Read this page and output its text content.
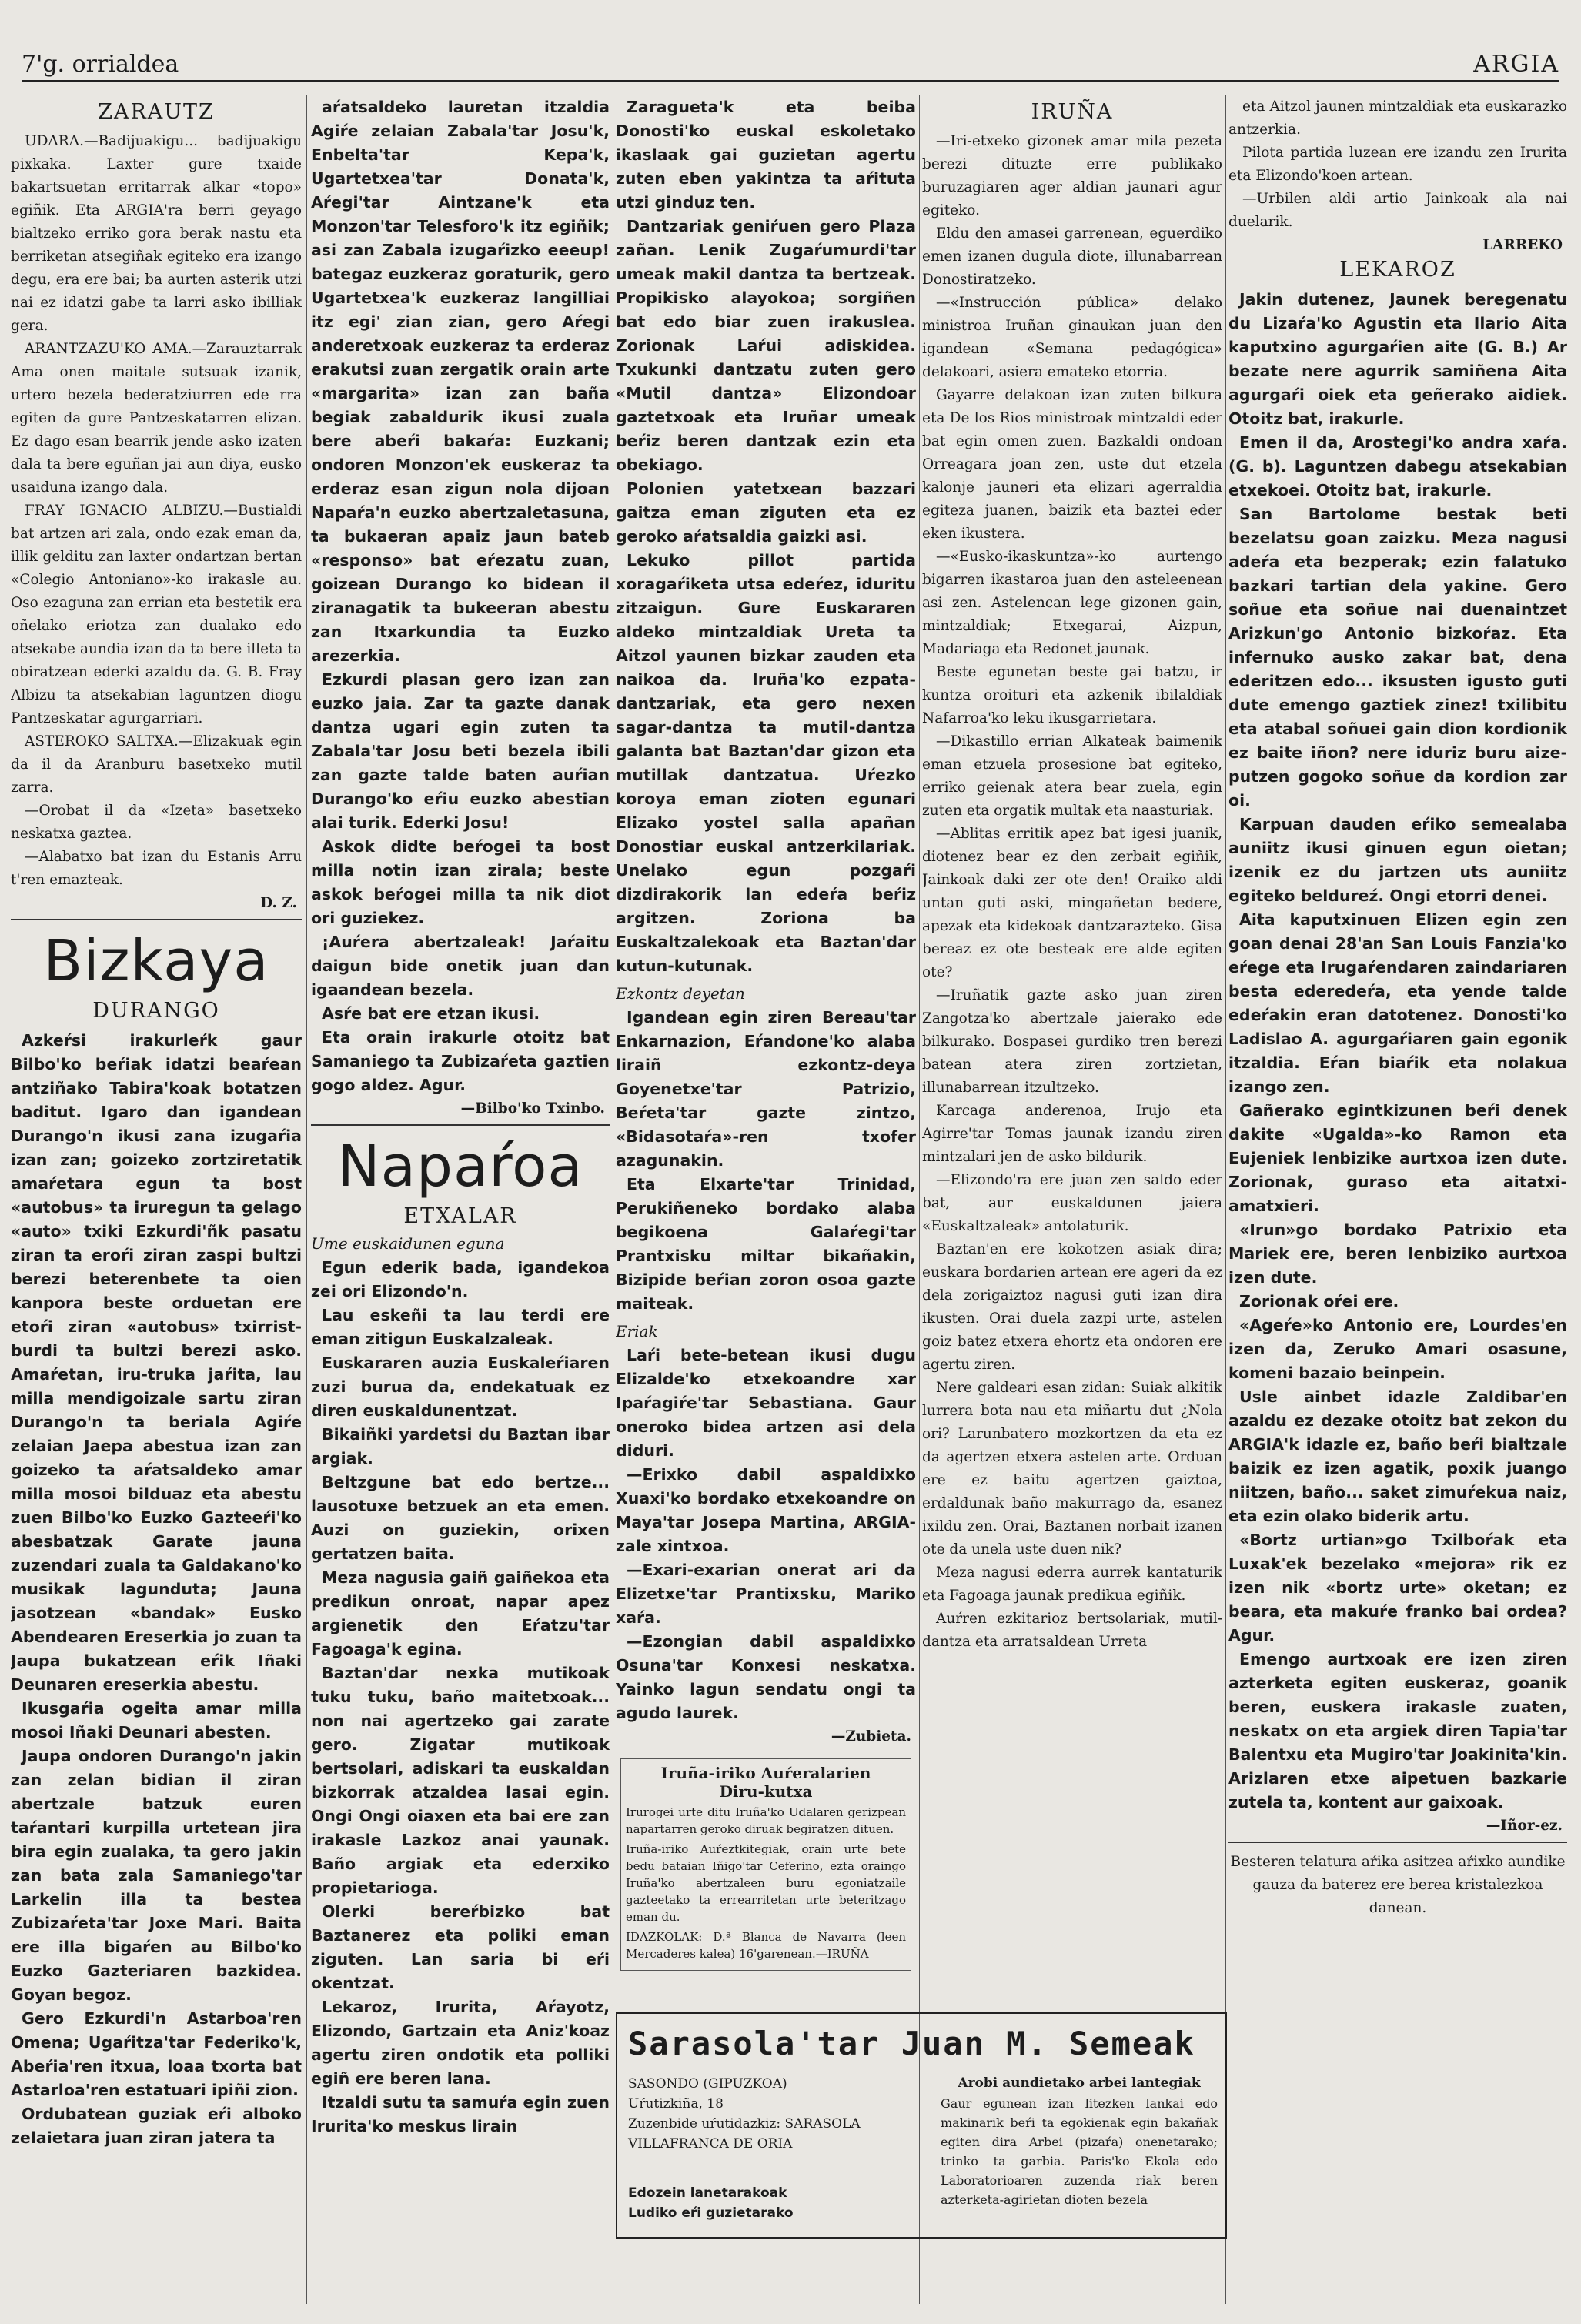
7'g. orrialdea	ARGIA
ZARAUTZ

UDARA.—Badijuakigu... badijuakigu pixkaka. Laxter gure txaide bakartsuetan erritarrak alkar «topo» egiñik. Eta ARGIA'ra berri geyago bialtzeko erriko gora berak nastu eta berriketan atsegiñak egiteko era izango degu, era ere bai; ba aurten asterik utzi nai ez idatzi gabe ta larri asko ibilliak gera.

ARANTZAZU'KO AMA.—Zarauztarrak Ama onen maitale sutsuak izanik, urtero bezela bederatziurren ede rra egiten da gure Pantzeskatarren elizan. Ez dago esan bearrik jende asko izaten dala ta bere eguñan jai aun diya, eusko usaiduna izango dala.

FRAY IGNACIO ALBIZU.—Bustialdi bat artzen ari zala, ondo ezak eman da, illik gelditu zan laxter ondartzan bertan «Colegio Antoniano»-ko irakasle au. Oso ezaguna zan errian eta bestetik era oñelako eriotza zan dualako edo atsekabe aundia izan da ta bere illeta ta obiratzean ederki azaldu da. G. B. Fray Albizu ta atsekabian laguntzen diogu Pantzeskatar agurgarriari.

ASTEROKO SALTXA.—Elizakuak egin da il da Aranburu basetxeko mutil zarra.

—Orobat il da «Izeta» basetxeko neskatxa gaztea.

—Alabatxo bat izan du Estanis Arru t'ren emazteak.

D. Z.

Bizkaya
DURANGO

Azkeŕsi irakurleŕk gaur Bilbo'ko beŕiak idatzi beaŕean antziñako Tabira'koak botatzen baditut. Igaro dan igandean Durango'n ikusi zana izugaŕia izan zan; goizeko zortziretatik amaŕetara egun ta bost «autobus» ta iruregun ta gelago «auto» txiki Ezkurdi'ñk pasatu ziran ta eroŕi ziran zaspi bultzi berezi beterenbete ta oien kanpora beste orduetan ere etoŕi ziran «autobus» txirrist-burdi ta bultzi berezi asko. Amaŕetan, iru-truka jaŕita, lau milla mendigoizale sartu ziran Durango'n ta beriala Agiŕe zelaian Jaepa abestua izan zan goizeko ta aŕatsaldeko amar milla mosoi bilduaz eta abestu zuen Bilbo'ko Euzko Gazteeŕi'ko abesbatzak Garate jauna zuzendari zuala ta Galdakano'ko musikak lagunduta; Jauna jasotzean «bandak» Eusko Abendearen Ereserkia jo zuan ta Jaupa bukatzean eŕik Iñaki Deunaren ereserkia abestu.

Ikusgaŕia ogeita amar milla mosoi Iñaki Deunari abesten.

Jaupa ondoren Durango'n jakin zan zelan bidian il ziran abertzale batzuk euren taŕantari kurpilla urtetean jira bira egin zualaka, ta gero jakin zan bata zala Samaniego'tar Larkelin illa ta bestea Zubizaŕeta'tar Joxe Mari. Baita ere illa bigaŕen au Bilbo'ko Euzko Gazteriaren bazkidea. Goyan begoz.

Gero Ezkurdi'n Astarboa'ren Omena; Ugaŕitza'tar Federiko'k, Abeŕia'ren itxua, loaa txorta bat Astarloa'ren estatuari ipiñi zion.

Ordubatean guziak eŕi alboko zelaietara juan ziran jatera ta

aŕatsaldeko lauretan itzaldia Agiŕe zelaian Zabala'tar Josu'k, Enbelta'tar Kepa'k, Ugartetxea'tar Donata'k, Aŕegi'tar Aintzane'k eta Monzon'tar Telesforo'k itz egiñik; asi zan Zabala izugaŕizko eeeup! bategaz euzkeraz goraturik, gero Ugartetxea'k euzkeraz langilliai itz egi' zian zian, gero Aŕegi anderetxoak euzkeraz ta erderaz erakutsi zuan zergatik orain arte «margarita» izan zan baña begiak zabaldurik ikusi zuala bere abeŕi bakaŕa: Euzkani; ondoren Monzon'ek euskeraz ta erderaz esan zigun nola dijoan Napaŕa'n euzko abertzaletasuna, ta bukaeran apaiz jaun bateb «responso» bat eŕezatu zuan, goizean Durango ko bidean il ziranagatik ta bukeeran abestu zan Itxarkundia ta Euzko arezerkia.

Ezkurdi plasan gero izan zan euzko jaia. Zar ta gazte danak dantza ugari egin zuten ta Zabala'tar Josu beti bezela ibili zan gazte talde baten auŕian Durango'ko eŕiu euzko abestian alai turik. Ederki Josu!

Askok didte beŕogei ta bost milla notin izan zirala; beste askok beŕogei milla ta nik diot ori guziekez.

¡Auŕera abertzaleak! Jaŕaitu daigun bide onetik juan dan igaandean bezela.

Asŕe bat ere etzan ikusi.

Eta orain irakurle otoitz bat Samaniego ta Zubizaŕeta gaztien gogo aldez. Agur.

—Bilbo'ko Txinbo.

Napaŕoa
ETXALAR

Ume euskaidunen eguna

Egun ederik bada, igandekoa zei ori Elizondo'n.

Lau eskeñi ta lau terdi ere eman zitigun Euskalzaleak.

Euskararen auzia Euskaleŕiaren zuzi burua da, endekatuak ez diren euskaldunentzat.

Bikaiñki yardetsi du Baztan ibar argiak.

Beltzgune bat edo bertze... lausotuxe betzuek an eta emen. Auzi on guziekin, orixen gertatzen baita.

Meza nagusia gaiñ gaiñekoa eta predikun onroat, napar apez argienetik den Eŕatzu'tar Fagoaga'k egina.

Baztan'dar nexka mutikoak tuku tuku, baño maitetxoak... non nai agertzeko gai zarate gero. Zigatar mutikoak bertsolari, adiskari ta euskaldan bizkorrak atzaldea lasai egin. Ongi Ongi oiaxen eta bai ere zan irakasle Lazkoz anai yaunak. Baño argiak eta ederxiko propietarioga.

Olerki bereŕbizko bat Baztanerez eta poliki eman ziguten. Lan saria bi eŕi okentzat.

Lekaroz, Irurita, Aŕayotz, Elizondo, Gartzain eta Aniz'koaz agertu ziren ondotik eta polliki egiñ ere beren lana.

Itzaldi sutu ta samuŕa egin zuen Irurita'ko meskus lirain

Zaragueta'k eta beiba Donosti'ko euskal eskoletako ikaslaak gai guzietan agertu zuten eben yakintza ta aŕituta utzi ginduz ten.

Dantzariak geniŕuen gero Plaza zañan. Lenik Zugaŕumurdi'tar umeak makil dantza ta bertzeak. Propikisko alayokoa; sorgiñen bat edo biar zuen irakuslea. Zorionak Laŕui adiskidea. Txukunki dantzatu zuten gero «Mutil dantza» Elizondoar gaztetxoak eta Iruñar umeak beŕiz beren dantzak ezin eta obekiago.

Polonien yatetxean bazzari gaitza eman ziguten eta ez geroko aŕatsaldia gaizki asi.

Lekuko pillot partida xoragaŕiketa utsa edeŕez, iduritu zitzaigun. Gure Euskararen aldeko mintzaldiak Ureta ta Aitzol yaunen bizkar zauden eta naikoa da. Iruña'ko ezpata-dantzariak, eta gero nexen sagar-dantza ta mutil-dantza galanta bat Baztan'dar gizon eta mutillak dantzatua. Uŕezko koroya eman zioten egunari Elizako yostel salla apañan Donostiar euskal antzerkilariak. Unelako egun pozgaŕi dizdirakorik lan edeŕa beŕiz argitzen. Zoriona ba Euskaltzalekoak eta Baztan'dar kutun-kutunak.

Ezkontz deyetan

Igandean egin ziren Bereau'tar Enkarnazion, Eŕandone'ko alaba liraiñ ezkontz-deya Goyenetxe'tar Patrizio, Beŕeta'tar gazte zintzo, «Bidasotaŕa»-ren txofer azagunakin.

Eta Elxarte'tar Trinidad, Perukiñeneko bordako alaba begikoena Galaŕegi'tar Prantxisku miltar bikañakin, Bizipide beŕian zoron osoa gazte maiteak.

Eriak

Laŕi bete-betean ikusi dugu Elizalde'ko etxekoandre xar Ipaŕagiŕe'tar Sebastiana. Gaur oneroko bidea artzen asi dela diduri.

—Erixko dabil aspaldixko Xuaxi'ko bordako etxekoandre on Maya'tar Josepa Martina, ARGIA-zale xintxoa.

—Exari-exarian onerat ari da Elizetxe'tar Prantixsku, Mariko xaŕa.

—Ezongian dabil aspaldixko Osuna'tar Konxesi neskatxa. Yainko lagun sendatu ongi ta agudo laurek.

—Zubieta.

Iruña-iriko Auŕeralarien
Diru-kutxa

Irurogei urte ditu Iruña'ko Udalaren gerizpean napartarren geroko diruak begiratzen dituen.

Iruña-iriko Auŕeztkitegiak, orain urte bete bedu bataian Iñigo'tar Ceferino, ezta oraingo Iruña'ko abertzaleen buru egoniatzaile gazteetako ta errearritetan urte beteritzago eman du.

IDAZKOLAK: D.ª Blanca de Navarra (leen Mercaderes kalea) 16'garenean.—IRUÑA

IRUÑA

—Iri-etxeko gizonek amar mila pezeta berezi dituzte erre publikako buruzagiaren ager aldian jaunari agur egiteko.

Eldu den amasei garrenean, eguerdiko emen izanen dugula diote, illunabarrean Donostiratzeko.

—«Instrucción pública» delako ministroa Iruñan ginaukan juan den igandean «Semana pedagógica» delakoari, asiera emateko etorria.

Gayarre delakoan izan zuten bilkura eta De los Rios ministroak mintzaldi eder bat egin omen zuen. Bazkaldi ondoan Orreagara joan zen, uste dut etzela kalonje jauneri eta elizari agerraldia egiteza juanen, baizik eta baztei eder eken ikustera.

—«Eusko-ikaskuntza»-ko aurtengo bigarren ikastaroa juan den asteleenean asi zen. Astelencan lege gizonen gain, mintzaldiak; Etxegarai, Aizpun, Madariaga eta Redonet jaunak.

Beste egunetan beste gai batzu, ir kuntza oroituri eta azkenik ibilaldiak Nafarroa'ko leku ikusgarrietara.

—Dikastillo errian Alkateak baimenik eman etzuela prosesione bat egiteko, erriko geienak atera bear zuela, egin zuten eta orgatik multak eta naasturiak.

—Ablitas erritik apez bat igesi juanik, diotenez bear ez den zerbait egiñik, Jainkoak daki zer ote den! Oraiko aldi untan guti aski, mingañetan bedere, apezak eta kidekoak dantzarazteko. Gisa bereaz ez ote besteak ere alde egiten ote?

—Iruñatik gazte asko juan ziren Zangotza'ko abertzale jaierako ede bilkurako. Bospasei gurdiko tren berezi batean atera ziren zortzietan, illunabarrean itzultzeko.

Karcaga anderenoa, Irujo eta Agirre'tar Tomas jaunak izandu ziren mintzalari jen de asko bildurik.

—Elizondo'ra ere juan zen saldo eder bat, aur euskaldunen jaiera «Euskaltzaleak» antolaturik.

Baztan'en ere kokotzen asiak dira; euskara bordarien artean ere ageri da ez dela zorigaiztoz nagusi guti izan dira ikusten. Orai duela zazpi urte, astelen goiz batez etxera ehortz eta ondoren ere agertu ziren.

Nere galdeari esan zidan: Suiak alkitik lurrera bota nau eta miñartu dut ¿Nola ori? Larunbatero mozkortzen da eta ez da agertzen etxera astelen arte. Orduan ere ez baitu agertzen gaiztoa, erdaldunak baño makurrago da, esanez ixildu zen. Orai, Baztanen norbait izanen ote da unela uste duen nik?

Meza nagusi ederra aurrek kantaturik eta Fagoaga jaunak predikua egiñik.

Auŕren ezkitarioz bertsolariak, mutil-dantza eta arratsaldean Urreta

eta Aitzol jaunen mintzaldiak eta euskarazko antzerkia.

Pilota partida luzean ere izandu zen Irurita eta Elizondo'koen artean.

—Urbilen aldi artio Jainkoak ala nai duelarik.

LARREKO

LEKAROZ

Jakin dutenez, Jaunek beregenatu du Lizaŕa'ko Agustin eta Ilario Aita kaputxino agurgaŕien aite (G. B.) Ar bezate nere agurrik samiñena Aita agurgaŕi oiek eta geñerako aidiek. Otoitz bat, irakurle.

Emen il da, Arostegi'ko andra xaŕa. (G. b). Laguntzen dabegu atsekabian etxekoei. Otoitz bat, irakurle.

San Bartolome bestak beti bezelatsu goan zaizku. Meza nagusi adeŕa eta bezperak; ezin falatuko bazkari tartian dela yakine. Gero soñue eta soñue nai duenaintzet Arizkun'go Antonio bizkoŕaz. Eta infernuko ausko zakar bat, dena ederitzen edo... iksusten igusto guti dute emengo gaztiek zinez! txilibitu eta atabal soñuei gain dion kordionik ez baite iñon? nere iduriz buru aize-putzen gogoko soñue da kordion zar oi.

Karpuan dauden eŕiko semealaba auniitz ikusi ginuen egun oietan; izenik ez du jartzen uts auniitz egiteko beldureź. Ongi etorri denei.

Aita kaputxinuen Elizen egin zen goan denai 28'an San Louis Fanzia'ko eŕege eta Irugaŕendaren zaindariaren besta ederedeŕa, eta yende talde edeŕakin eran datotenez. Donosti'ko Ladislao A. agurgaŕiaren gain egonik itzaldia. Eŕan biaŕik eta nolakua izango zen.

Gañerako egintkizunen beŕi denek dakite «Ugalda»-ko Ramon eta Eujeniek lenbizike aurtxoa izen dute. Zorionak, guraso eta aitatxi-amatxieri.

«Irun»go bordako Patrixio eta Mariek ere, beren lenbiziko aurtxoa izen dute.

Zorionak oŕei ere.

«Ageŕe»ko Antonio ere, Lourdes'en izen da, Zeruko Amari osasune, komeni bazaio beinpein.

Usle ainbet idazle Zaldibar'en azaldu ez dezake otoitz bat zekon du ARGIA'k idazle ez, baño beŕi bialtzale baizik ez izen agatik, poxik juango niitzen, baño... saket zimuŕekua naiz, eta ezin olako biderik artu.

«Bortz urtian»go Txilboŕak eta Luxak'ek bezelako «mejora» rik ez izen nik «bortz urte» oketan; ez beara, eta makuŕe franko bai ordea? Agur.

Emengo aurtxoak ere izen ziren azterketa egiten euskeraz, goanik beren, euskera irakasle zuaten, neskatx on eta argiek diren Tapia'tar Balentxu eta Mugiro'tar Joakinita'kin. Arizlaren etxe aipetuen bazkarie zutela ta, kontent aur gaixoak.

—Iñor-ez.

Besteren telatura aŕika asitzea aŕixko aundike gauza da baterez ere berea kristalezkoa danean.

Sarasola'tar Juan M. Semeak
SASONDO (GIPUZKOA)
Uŕutizkiña, 18
Zuzenbide uŕutidazkiz: SARASOLA
VILLAFRANCA DE ORIA
Edozein lanetarakoak
Ludiko eŕi guzietarako
Arobi aundietako arbei lantegiak

Gaur egunean izan litezken lankai edo makinarik beŕi ta egokienak egin bakañak egiten dira Arbei (pizaŕa) onenetarako; trinko ta garbia. Paris'ko Ekola edo Laboratorioaren zuzenda riak beren azterketa-agirietan dioten bezela
